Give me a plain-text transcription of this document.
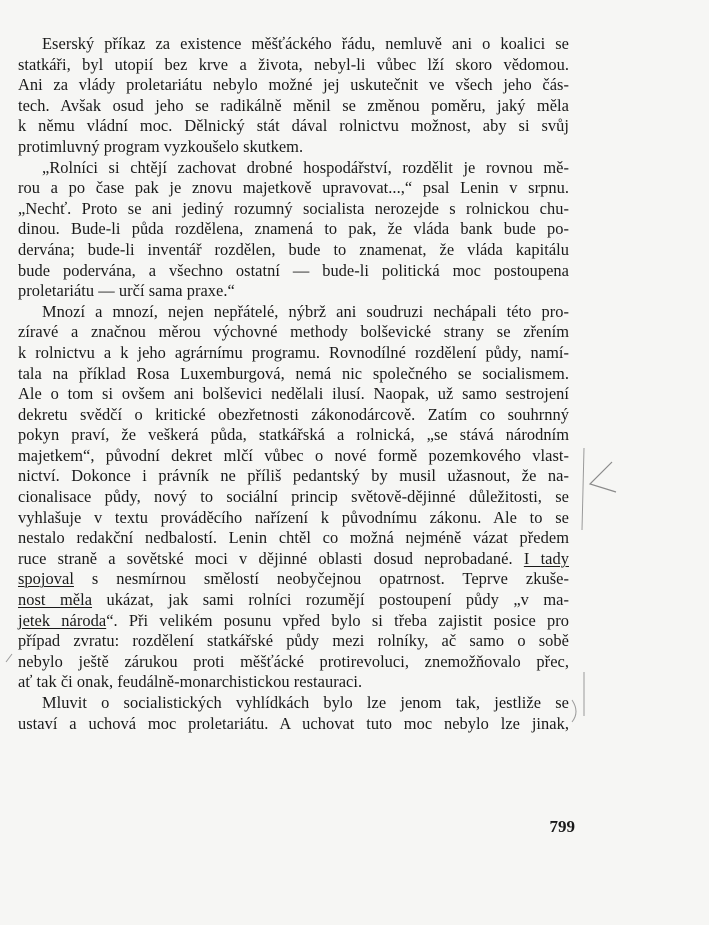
Eserský příkaz za existence měšťáckého řádu, nemluvě ani o koalici se
statkáři, byl utopií bez krve a života, nebyl-li vůbec lží skoro vědomou.
Ani za vlády proletariátu nebylo možné jej uskutečnit ve všech jeho čás-
tech. Avšak osud jeho se radikálně měnil se změnou poměru, jaký měla
k němu vládní moc. Dělnický stát dával rolnictvu možnost, aby si svůj
protimluvný program vyzkoušelo skutkem.
„Rolníci si chtějí zachovat drobné hospodářství, rozdělit je rovnou mě-
rou a po čase pak je znovu majetkově upravovat...,“ psal Lenin v srpnu.
„Nechť. Proto se ani jediný rozumný socialista nerozejde s rolnickou chu-
dinou. Bude-li půda rozdělena, znamená to pak, že vláda bank bude po-
dervána; bude-li inventář rozdělen, bude to znamenat, že vláda kapitálu
bude podervána, a všechno ostatní — bude-li politická moc postoupena
proletariátu — určí sama praxe.“
Mnozí a mnozí, nejen nepřátelé, nýbrž ani soudruzi nechápali této pro-
zíravé a značnou měrou výchovné methody bolševické strany se zřením
k rolnictvu a k jeho agrárnímu programu. Rovnodílné rozdělení půdy, namí-
tala na příklad Rosa Luxemburgová, nemá nic společného se socialismem.
Ale o tom si ovšem ani bolševici nedělali ilusí. Naopak, už samo sestrojení
dekretu svědčí o kritické obezřetnosti zákonodárcově. Zatím co souhrnný
pokyn praví, že veškerá půda, statkářská a rolnická, „se stává národním
majetkem“, původní dekret mlčí vůbec o nové formě pozemkového vlast-
nictví. Dokonce i právník ne příliš pedantský by musil užasnout, že na-
cionalisace půdy, nový to sociální princip světově-dějinné důležitosti, se
vyhlašuje v textu prováděcího nařízení k původnímu zákonu. Ale to se
nestalo redakční nedbalostí. Lenin chtěl co možná nejméně vázat předem
ruce straně a sovětské moci v dějinné oblasti dosud neprobadané. I tady
spojoval s nesmírnou smělostí neobyčejnou opatrnost. Teprve zkuše-
nost měla ukázat, jak sami rolníci rozumějí postoupení půdy „v ma-
jetek národa“. Při velikém posunu vpřed bylo si třeba zajistit posice pro
případ zvratu: rozdělení statkářské půdy mezi rolníky, ač samo o sobě
nebylo ještě zárukou proti měšťácké protirevoluci, znemožňovalo přec,
ať tak či onak, feudálně-monarchistickou restauraci.
Mluvit o socialistických vyhlídkách bylo lze jenom tak, jestliže se
ustaví a uchová moc proletariátu. A uchovat tuto moc nebylo lze jinak,
799
